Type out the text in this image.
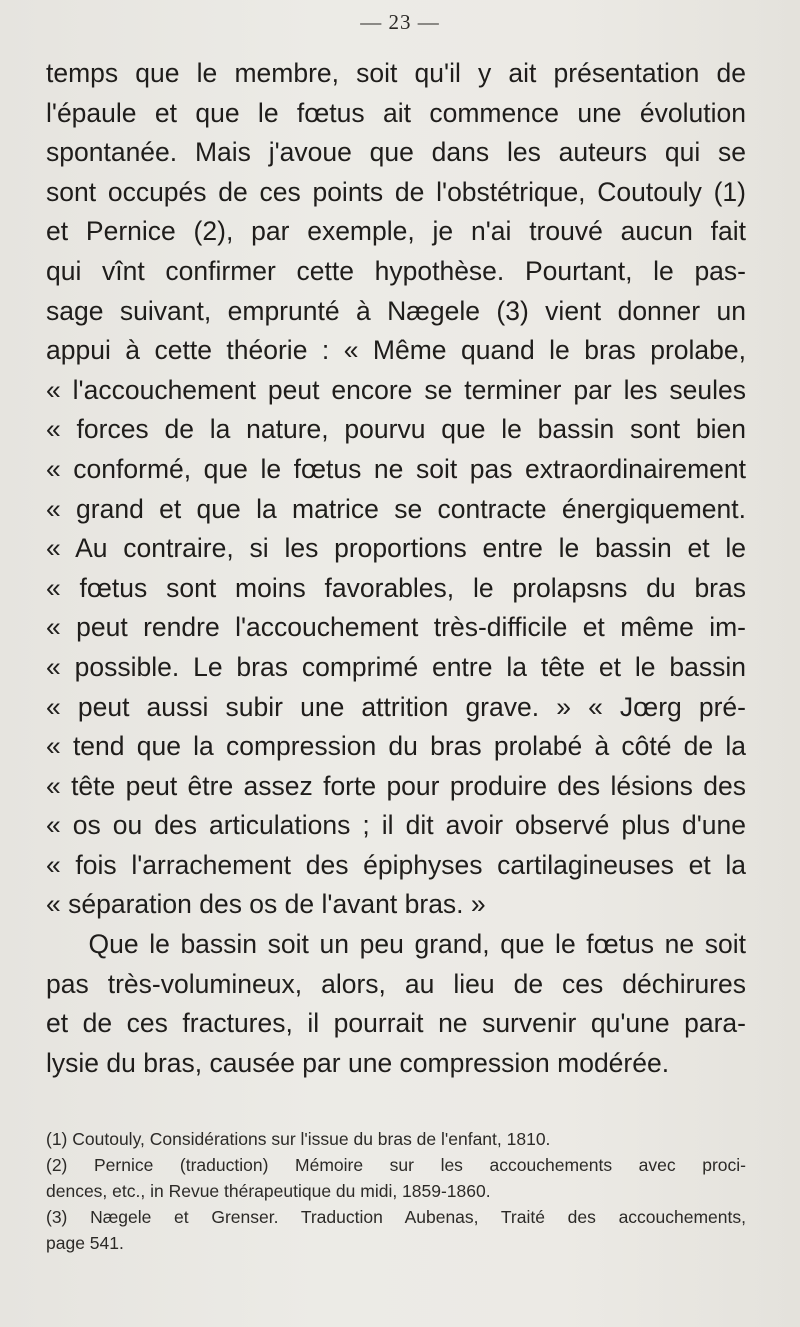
— 23 —
temps que le membre, soit qu'il y ait présentation de
l'épaule et que le fœtus ait commence une évolution
spontanée. Mais j'avoue que dans les auteurs qui se
sont occupés de ces points de l'obstétrique, Coutouly (1)
et Pernice (2), par exemple, je n'ai trouvé aucun fait
qui vînt confirmer cette hypothèse. Pourtant, le pas-
sage suivant, emprunté à Nægele (3) vient donner un
appui à cette théorie : « Même quand le bras prolabe,
« l'accouchement peut encore se terminer par les seules
« forces de la nature, pourvu que le bassin sont bien
« conformé, que le fœtus ne soit pas extraordinairement
« grand et que la matrice se contracte énergiquement.
« Au contraire, si les proportions entre le bassin et le
« fœtus sont moins favorables, le prolapsns du bras
« peut rendre l'accouchement très-difficile et même im-
« possible. Le bras comprimé entre la tête et le bassin
« peut aussi subir une attrition grave. » « Jœrg pré-
« tend que la compression du bras prolabé à côté de la
« tête peut être assez forte pour produire des lésions des
« os ou des articulations ; il dit avoir observé plus d'une
« fois l'arrachement des épiphyses cartilagineuses et la
« séparation des os de l'avant bras. »
Que le bassin soit un peu grand, que le fœtus ne soit
pas très-volumineux, alors, au lieu de ces déchirures
et de ces fractures, il pourrait ne survenir qu'une para-
lysie du bras, causée par une compression modérée.
(1) Coutouly, Considérations sur l'issue du bras de l'enfant, 1810.
(2) Pernice (traduction) Mémoire sur les accouchements avec proci-
dences, etc., in Revue thérapeutique du midi, 1859-1860.
(3) Nægele et Grenser. Traduction Aubenas, Traité des accouchements,
page 541.
